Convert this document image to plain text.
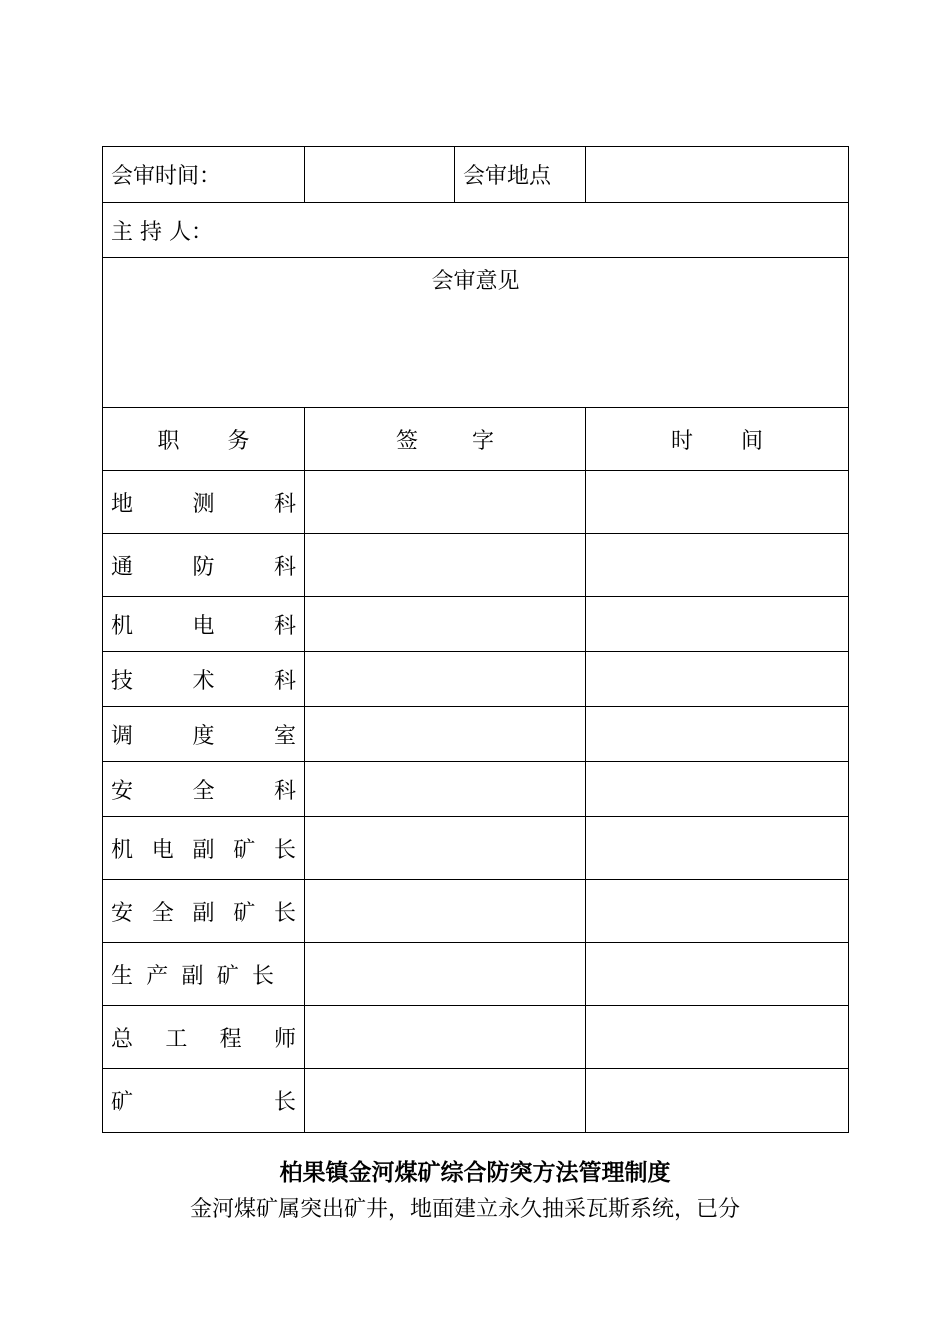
会审时间：		会审地点	
主 持 人：			

会审意见			

职 务	签 字		时 间

地 测 科			

通 防 科			

机 电 科			

技 术 科			

调 度 室			

安 全 科			

机 电 副 矿 长			

安 全 副 矿 长			

生 产 副 矿 长			

总 工 程 师			

矿 长			

柏果镇金河煤矿综合防突方法管理制度
金河煤矿属突出矿井，地面建立永久抽采瓦斯系统，已分
